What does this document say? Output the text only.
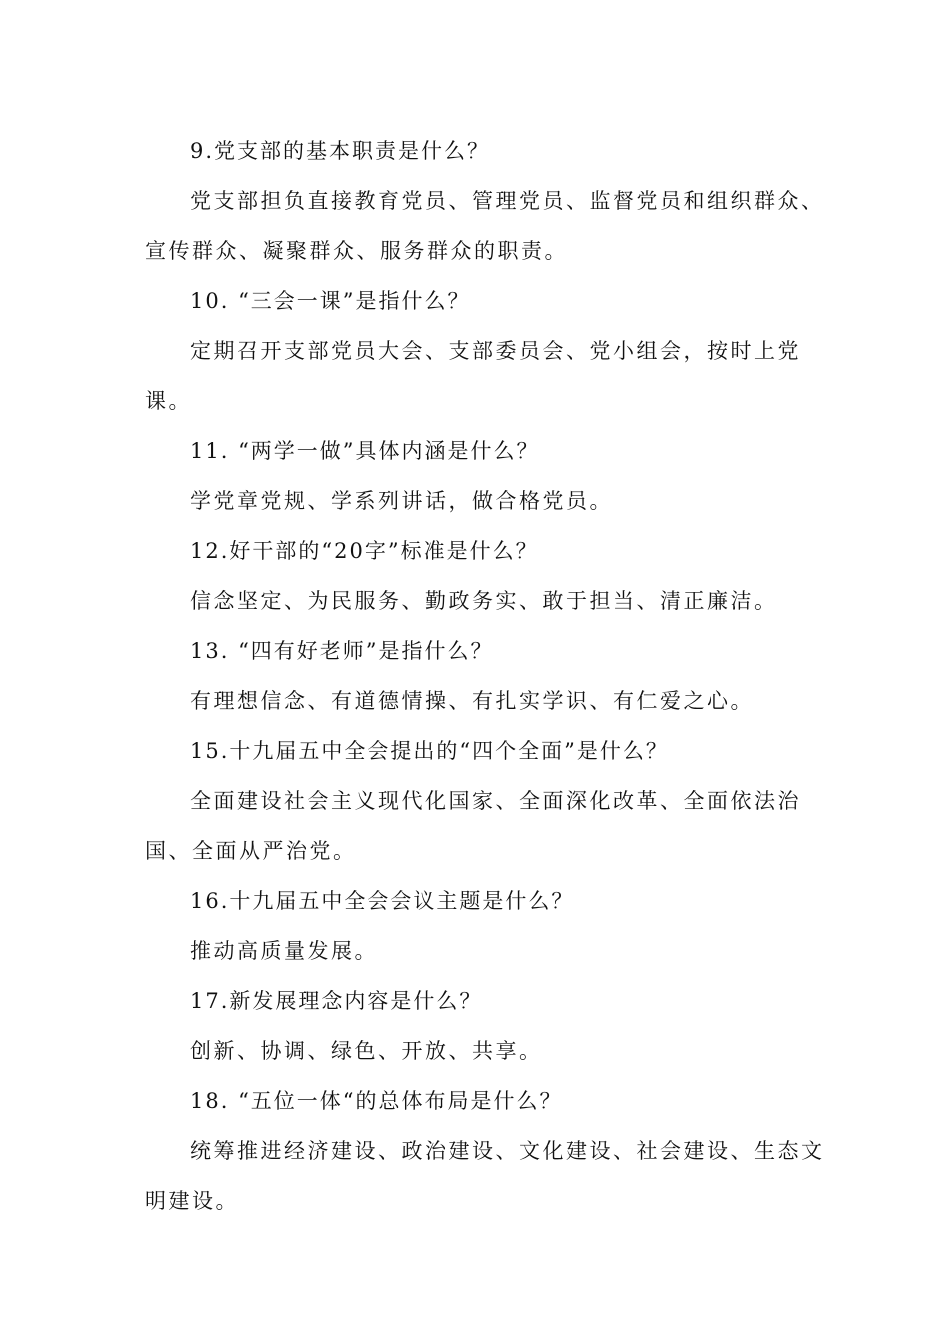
9.党支部的基本职责是什么？
党支部担负直接教育党员、管理党员、监督党员和组织群众、
宣传群众、凝聚群众、服务群众的职责。
10. “三会一课”是指什么？
定期召开支部党员大会、支部委员会、党小组会，按时上党
课。
11. “两学一做”具体内涵是什么？
学党章党规、学系列讲话，做合格党员。
12.好干部的“20字”标准是什么？
信念坚定、为民服务、勤政务实、敢于担当、清正廉洁。
13. “四有好老师”是指什么？
有理想信念、有道德情操、有扎实学识、有仁爱之心。
15.十九届五中全会提出的“四个全面”是什么？
全面建设社会主义现代化国家、全面深化改革、全面依法治
国、全面从严治党。
16.十九届五中全会会议主题是什么？
推动高质量发展。
17.新发展理念内容是什么？
创新、协调、绿色、开放、共享。
18. “五位一体“的总体布局是什么？
统筹推进经济建设、政治建设、文化建设、社会建设、生态文
明建设。
